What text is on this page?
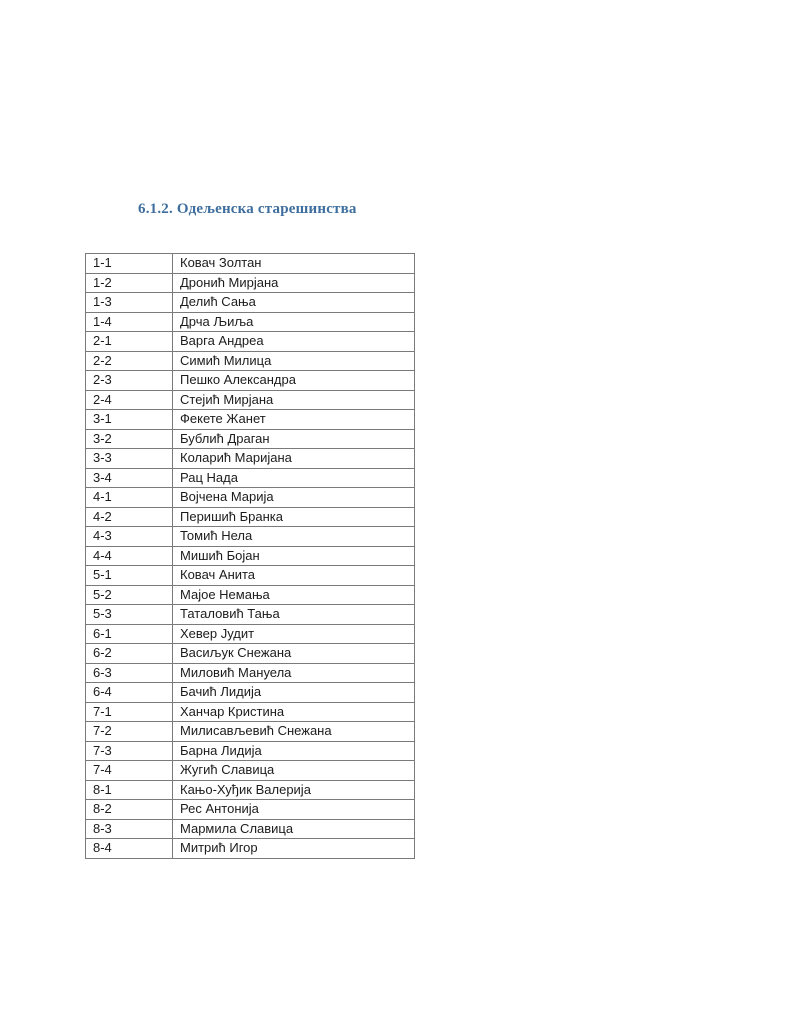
6.1.2. Одељенска старешинства
1-1	Ковач Золтан
1-2	Дронић Мирјана
1-3	Делић Сања
1-4	Дрча Љиља
2-1	Варга Андреа
2-2	Симић Милица
2-3	Пешко Александра
2-4	Стејић Мирјана
3-1	Фекете Жанет
3-2	Бублић Драган
3-3	Коларић Маријана
3-4	Рац Нада
4-1	Војчена Марија
4-2	Перишић Бранка
4-3	Томић Нела
4-4	Мишић Бојан
5-1	Ковач Анита
5-2	Мајое Немања
5-3	Таталовић Тања
6-1	Хевер Јудит
6-2	Васиљук Снежана
6-3	Миловић Мануела
6-4	Бачић Лидија
7-1	Ханчар Кристина
7-2	Милисављевић Снежана
7-3	Барна Лидија
7-4	Жугић Славица
8-1	Кањо-Хуђик Валерија
8-2	Рес Антонија
8-3	Мармила Славица
8-4	Митрић Игор
